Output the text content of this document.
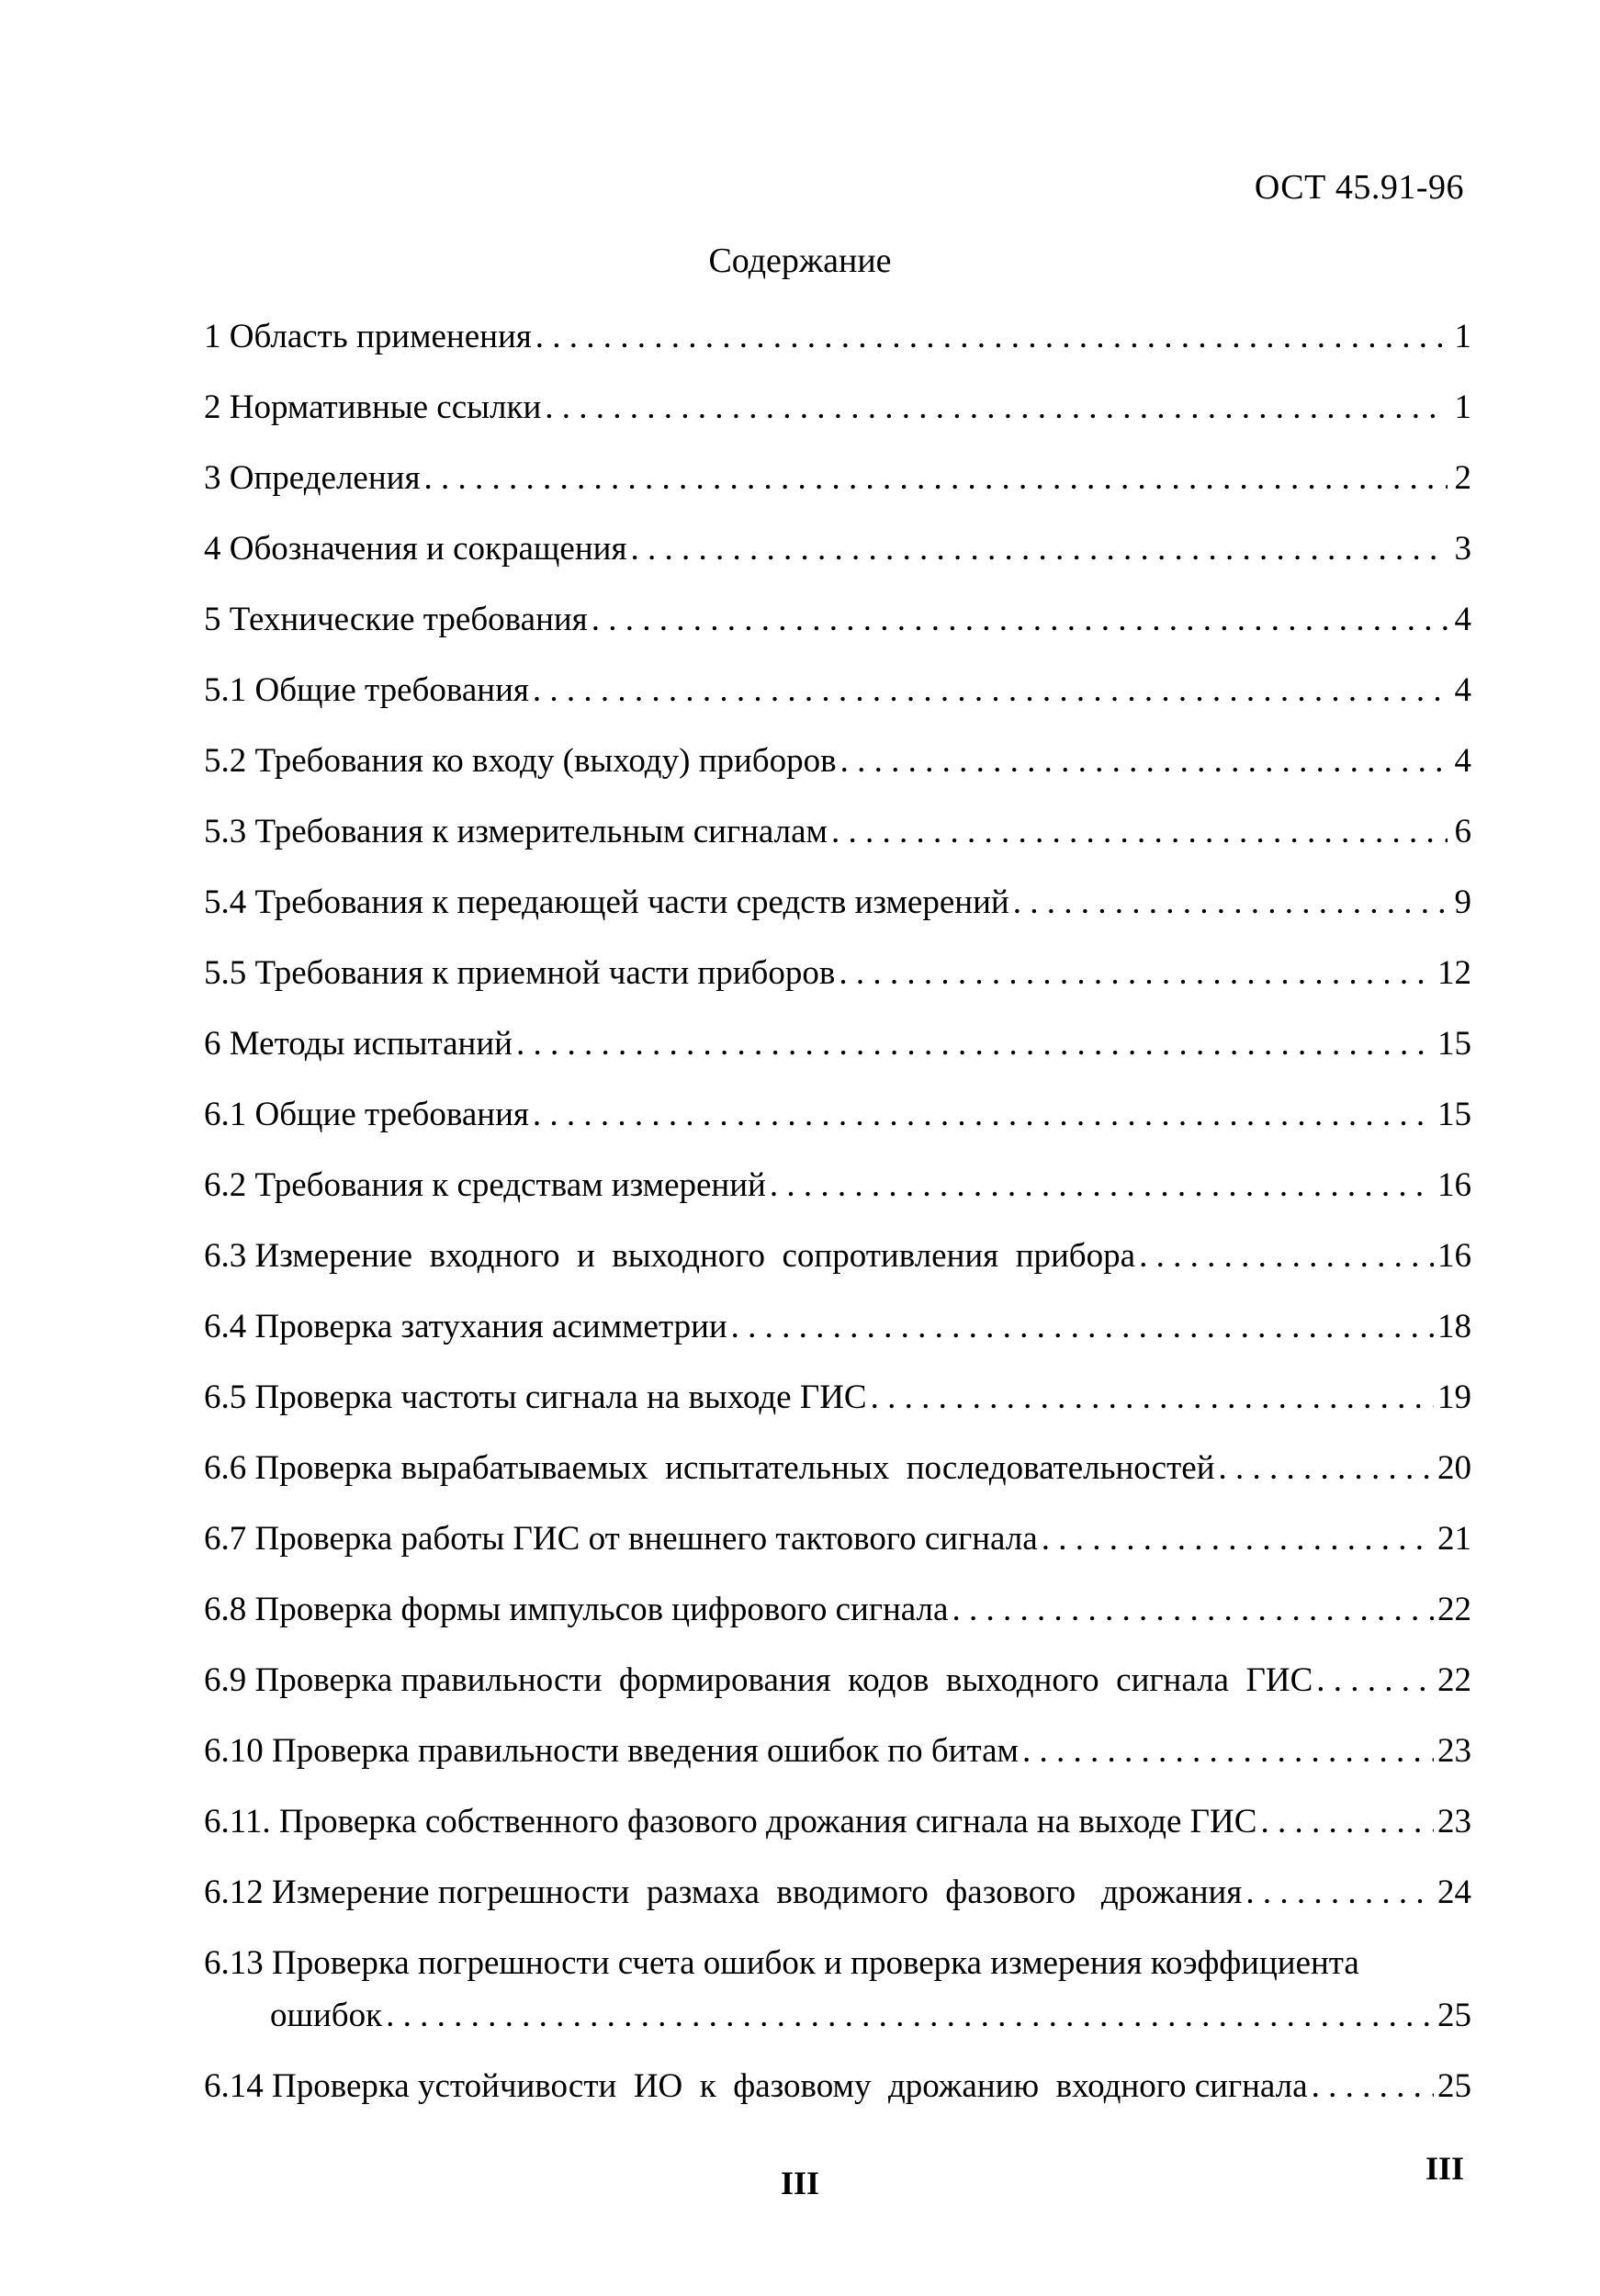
ОСТ 45.91-96
Содержание
1 Область применения . . .	1
2 Нормативные ссылки . . .	1
3 Определения . . .	2
4 Обозначения и сокращения . . .	3
5 Технические требования . . .	4
5.1 Общие требования . . .	4
5.2 Требования ко входу (выходу) приборов . . .	4
5.3 Требования к измерительным сигналам . . .	6
5.4 Требования к передающей части средств измерений . . .	9
5.5 Требования к приемной части приборов . . .	12
6 Методы испытаний . . .	15
6.1 Общие требования . . .	15
6.2 Требования к средствам измерений . . .	16
6.3 Измерение  входного  и  выходного  сопротивления  прибора . . .	16
6.4 Проверка затухания асимметрии . . .	18
6.5 Проверка частоты сигнала на выходе ГИС . . .	19
6.6 Проверка вырабатываемых  испытательных  последовательностей . . .	20
6.7 Проверка работы ГИС от внешнего тактового сигнала . . .	21
6.8 Проверка формы импульсов цифрового сигнала . . .	22
6.9 Проверка правильности  формирования  кодов  выходного  сигнала  ГИС . . .	22
6.10 Проверка правильности введения ошибок по битам . . .	23
6.11. Проверка собственного фазового дрожания сигнала на выходе ГИС . . .	23
6.12 Измерение погрешности  размаха  вводимого  фазового   дрожания . . .	24
6.13 Проверка погрешности счета ошибок и проверка измерения коэффициента
ошибок . . .	25
6.14 Проверка устойчивости  ИО  к  фазовому  дрожанию  входного сигнала . . .	25
III	III
